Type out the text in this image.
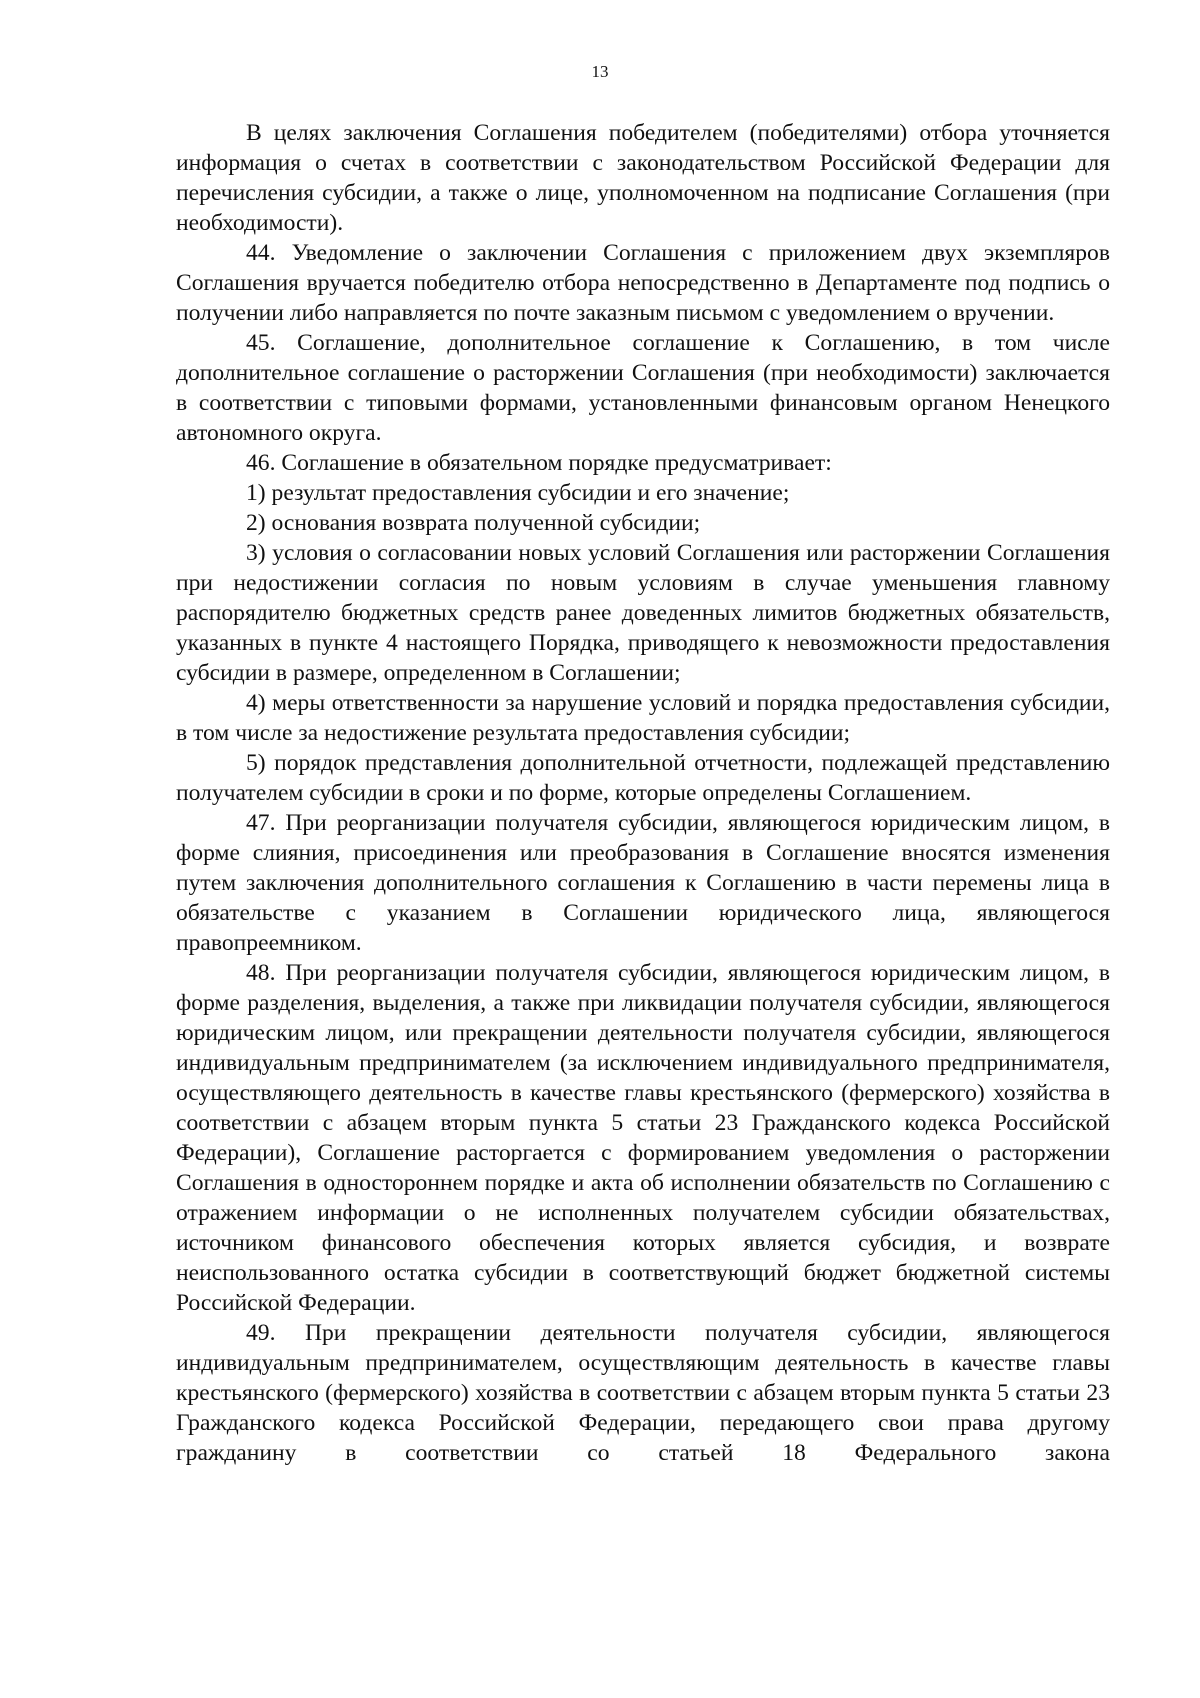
13

В целях заключения Соглашения победителем (победителями) отбора уточняется информация о счетах в соответствии с законодательством Российской Федерации для перечисления субсидии, а также о лице, уполномоченном на подписание Соглашения (при необходимости).

44. Уведомление о заключении Соглашения с приложением двух экземпляров Соглашения вручается победителю отбора непосредственно в Департаменте под подпись о получении либо направляется по почте заказным письмом с уведомлением о вручении.

45. Соглашение, дополнительное соглашение к Соглашению, в том числе дополнительное соглашение о расторжении Соглашения (при необходимости) заключается в соответствии с типовыми формами, установленными финансовым органом Ненецкого автономного округа.

46. Соглашение в обязательном порядке предусматривает:

1) результат предоставления субсидии и его значение;

2) основания возврата полученной субсидии;

3) условия о согласовании новых условий Соглашения или расторжении Соглашения при недостижении согласия по новым условиям в случае уменьшения главному распорядителю бюджетных средств ранее доведенных лимитов бюджетных обязательств, указанных в пункте 4 настоящего Порядка, приводящего к невозможности предоставления субсидии в размере, определенном в Соглашении;

4) меры ответственности за нарушение условий и порядка предоставления субсидии, в том числе за недостижение результата предоставления субсидии;

5) порядок представления дополнительной отчетности, подлежащей представлению получателем субсидии в сроки и по форме, которые определены Соглашением.

47. При реорганизации получателя субсидии, являющегося юридическим лицом, в форме слияния, присоединения или преобразования в Соглашение вносятся изменения путем заключения дополнительного соглашения к Соглашению в части перемены лица в обязательстве с указанием в Соглашении юридического лица, являющегося правопреемником.

48. При реорганизации получателя субсидии, являющегося юридическим лицом, в форме разделения, выделения, а также при ликвидации получателя субсидии, являющегося юридическим лицом, или прекращении деятельности получателя субсидии, являющегося индивидуальным предпринимателем (за исключением индивидуального предпринимателя, осуществляющего деятельность в качестве главы крестьянского (фермерского) хозяйства в соответствии с абзацем вторым пункта 5 статьи 23 Гражданского кодекса Российской Федерации), Соглашение расторгается с формированием уведомления о расторжении Соглашения в одностороннем порядке и акта об исполнении обязательств по Соглашению с отражением информации о не исполненных получателем субсидии обязательствах, источником финансового обеспечения которых является субсидия, и возврате неиспользованного остатка субсидии в соответствующий бюджет бюджетной системы Российской Федерации.

49. При прекращении деятельности получателя субсидии, являющегося индивидуальным предпринимателем, осуществляющим деятельность в качестве главы крестьянского (фермерского) хозяйства в соответствии с абзацем вторым пункта 5 статьи 23 Гражданского кодекса Российской Федерации, передающего свои права другому гражданину в соответствии со статьей 18 Федерального закона
